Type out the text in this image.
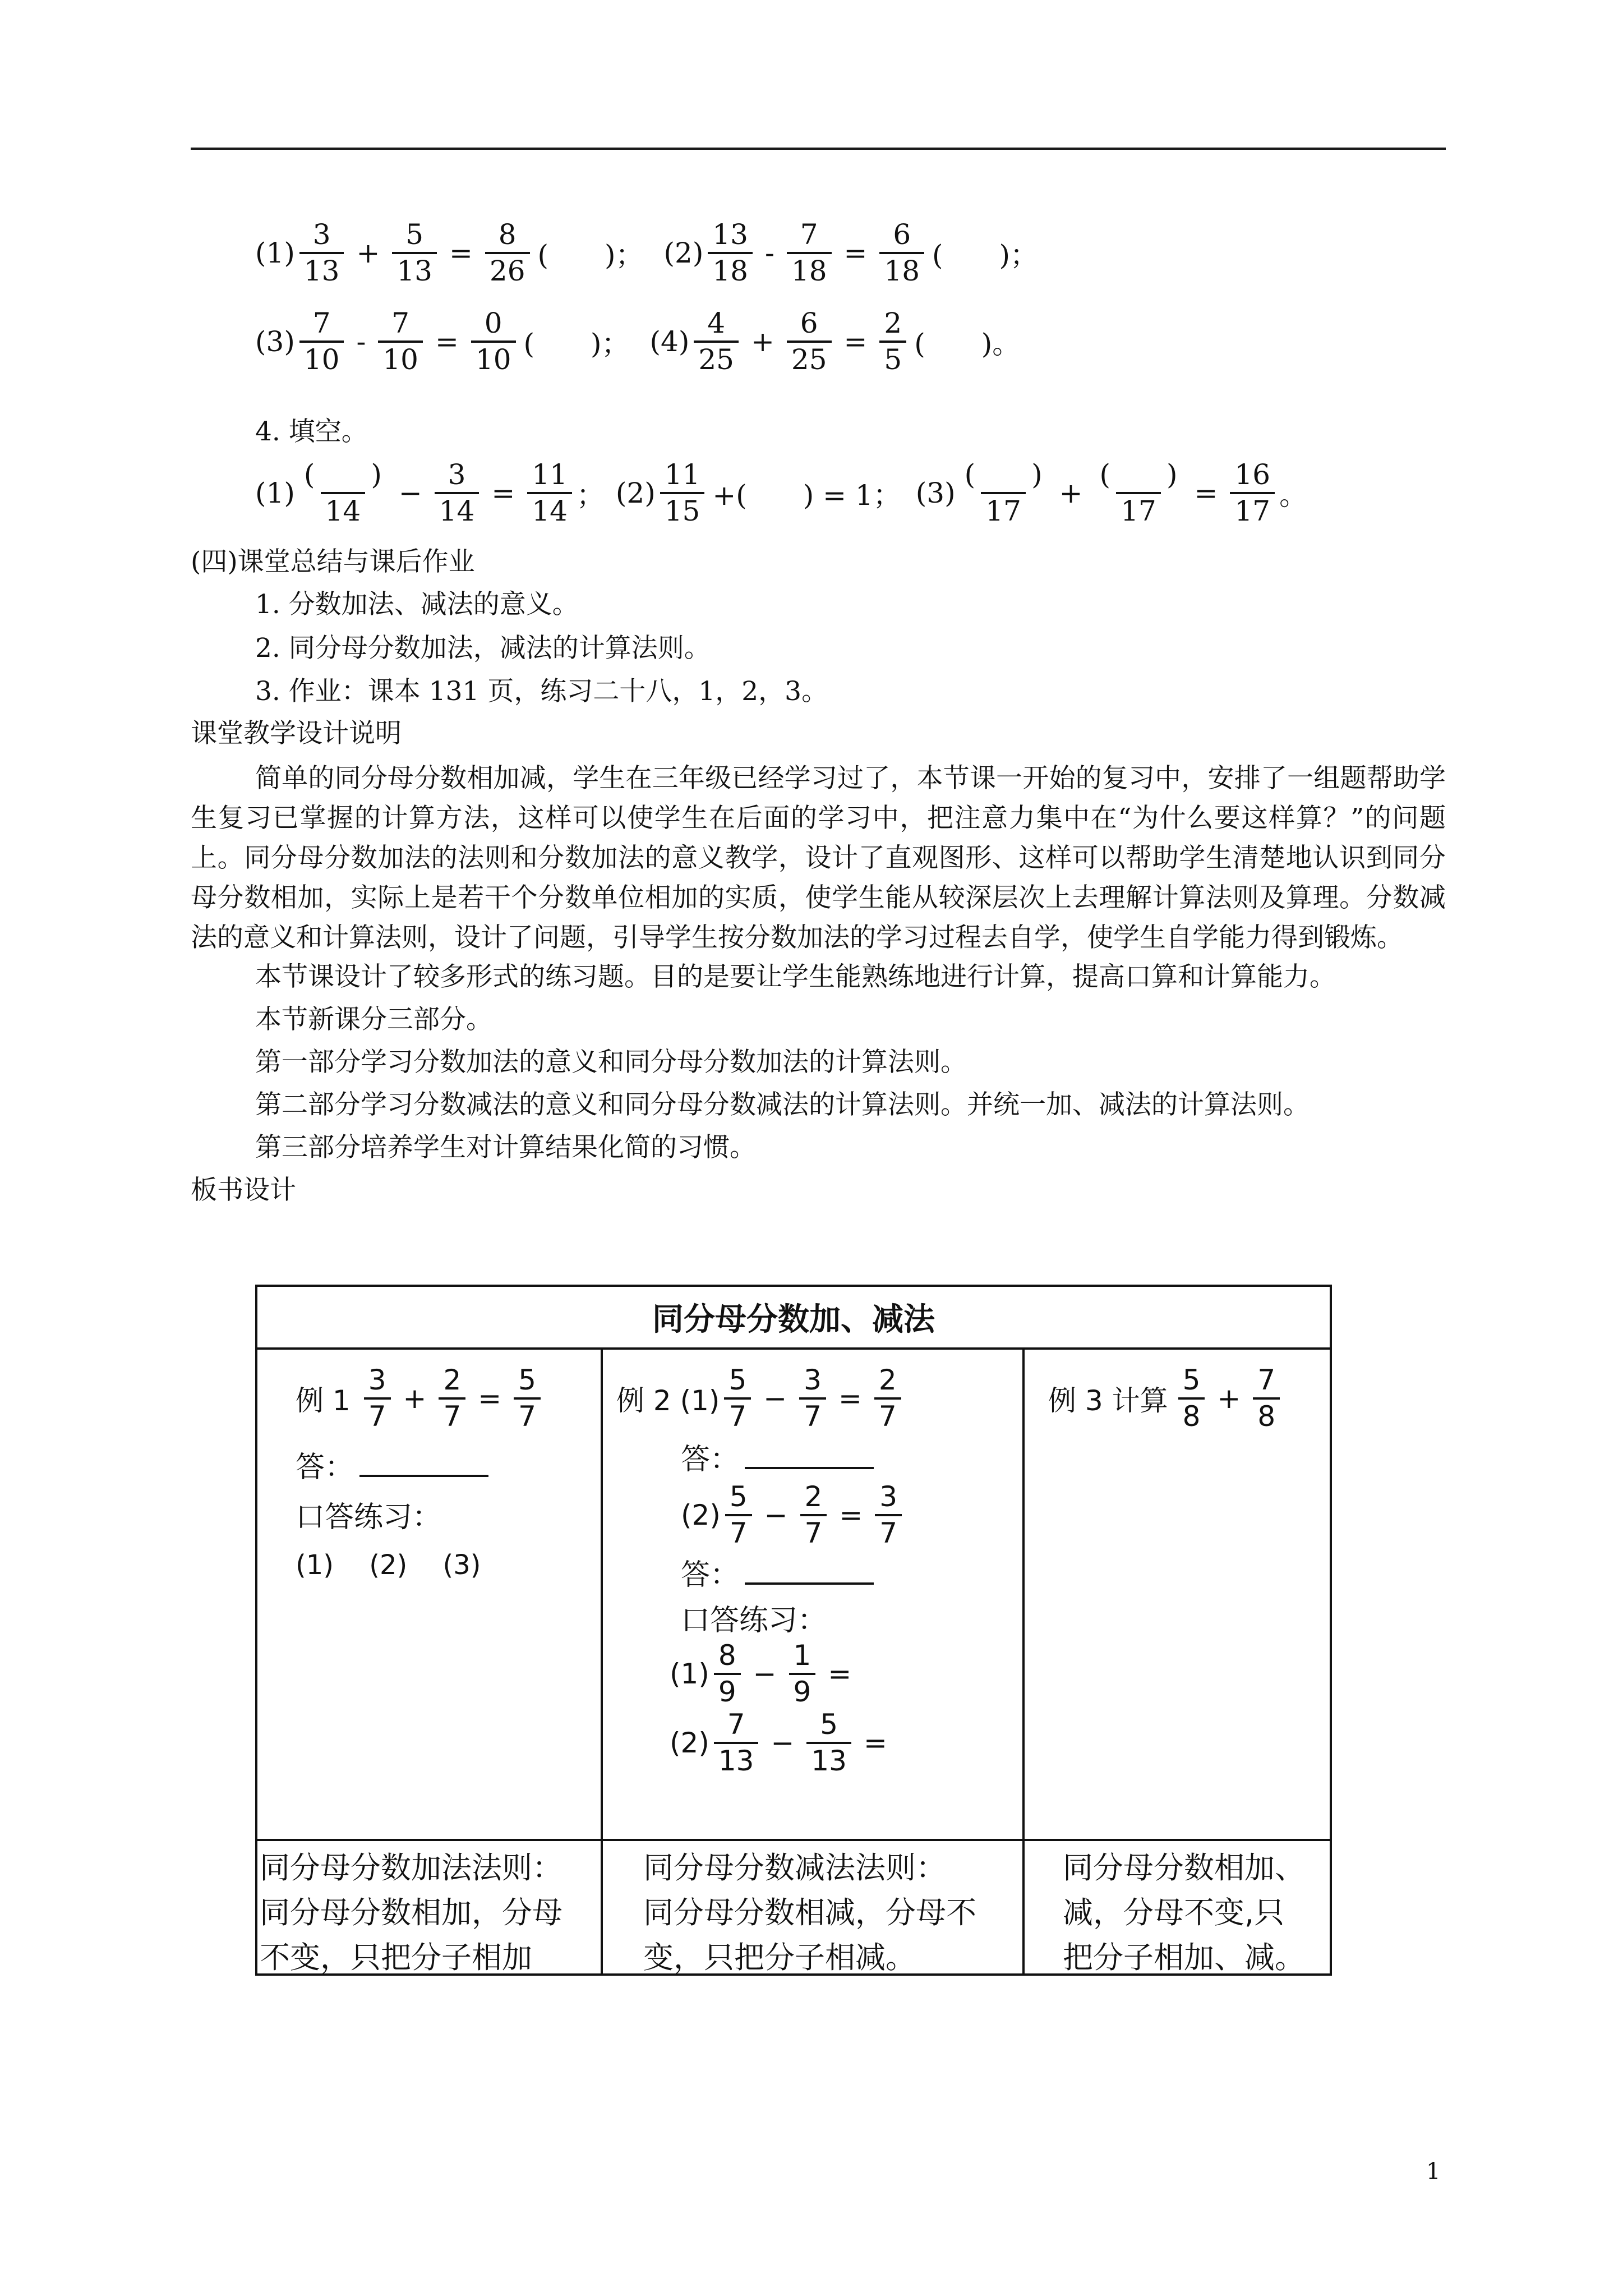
$(1) \frac{3}{13} + \frac{5}{13} = \frac{8}{26}$ (　　)； $(2) \frac{13}{18} - \frac{7}{18} = \frac{6}{18}$ (　　)；
$(3) \frac{7}{10} - \frac{7}{10} = \frac{0}{10}$ (　　)； $(4) \frac{4}{25} + \frac{6}{25} = \frac{2}{5}$ (　　)。
4. 填空。
$(1) \frac{( )}{14} - \frac{3}{14} = \frac{11}{14}$ ； $(2) \frac{11}{15}$ +(　　) = 1； $(3) \frac{( )}{17} + \frac{( )}{17} = \frac{16}{17}$ 。
(四)课堂总结与课后作业
1. 分数加法、减法的意义。
2. 同分母分数加法，减法的计算法则。
3. 作业：课本 131 页，练习二十八，1，2，3。
课堂教学设计说明
简单的同分母分数相加减，学生在三年级已经学习过了，本节课一开始的复习中，安排了一组题帮助学生复习已掌握的计算方法，这样可以使学生在后面的学习中，把注意力集中在“为什么要这样算？”的问题上。同分母分数加法的法则和分数加法的意义教学，设计了直观图形、这样可以帮助学生清楚地认识到同分母分数相加，实际上是若干个分数单位相加的实质，使学生能从较深层次上去理解计算法则及算理。分数减法的意义和计算法则，设计了问题，引导学生按分数加法的学习过程去自学，使学生自学能力得到锻炼。
本节课设计了较多形式的练习题。目的是要让学生能熟练地进行计算，提高口算和计算能力。
本节新课分三部分。
第一部分学习分数加法的意义和同分母分数加法的计算法则。
第二部分学习分数减法的意义和同分母分数减法的计算法则。并统一加、减法的计算法则。
第三部分培养学生对计算结果化简的习惯。
板书设计
同分母分数加、减法
例 $1 \frac{3}{7} + \frac{2}{7} = \frac{5}{7}$
答：
口答练习：
(1)　 (2)　 (3)
例 2 $(1) \frac{5}{7} - \frac{3}{7} = \frac{2}{7}$
答：
$(2) \frac{5}{7} - \frac{2}{7} = \frac{3}{7}$
答：
口答练习：
$(1) \frac{8}{9} - \frac{1}{9}$ =
$(2) \frac{7}{13} - \frac{5}{13}$ =
例 3 计算 $\frac{5}{8} + \frac{7}{8}$
同分母分数加法法则：
同分母分数相加，分母
不变，只把分子相加
同分母分数减法法则：
同分母分数相减，分母不
变，只把分子相减。
同分母分数相加、
减，分母不变,只
把分子相加、减。
1
